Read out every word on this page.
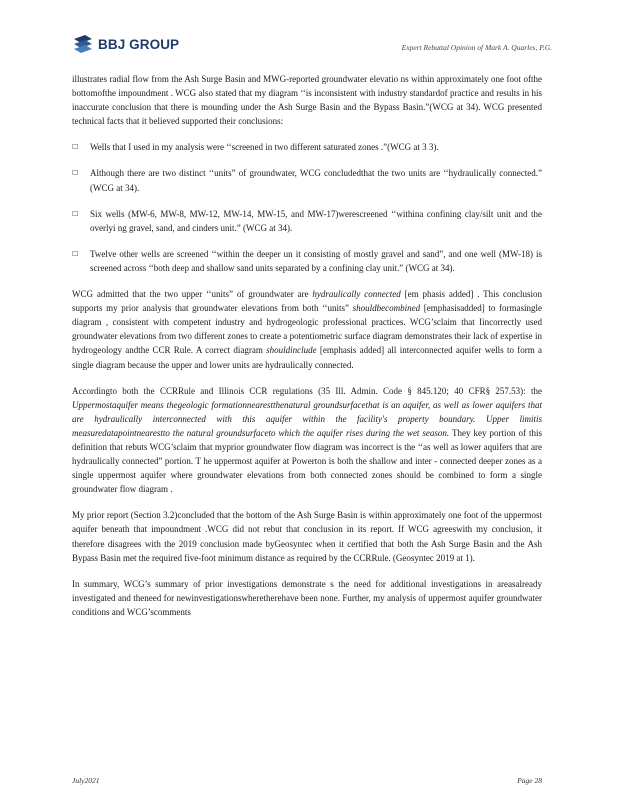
BBJ GROUP	Expert Rebuttal Opinion of Mark A. Quarles, P.G.

illustrates radial flow from the Ash Surge Basin and MWG-reported groundwater elevatio ns within approximately one foot ofthe bottomofthe impoundment . WCG also stated that my diagram ‘‘is inconsistent with industry standardof practice and results in his inaccurate conclusion that there is mounding under the Ash Surge Basin and the Bypass Basin.”(WCG at 34). WCG presented technical facts that it believed supported their conclusions:

☐ Wells that I used in my analysis were ‘‘screened in two different saturated zones .”(WCG at 3 3).
☐ Although there are two distinct ‘‘units” of groundwater, WCG concludedthat the two units are ‘‘hydraulically connected.” (WCG at 34).
☐ Six wells (MW-6, MW-8, MW-12, MW-14, MW-15, and MW-17)werescreened ‘‘withina confining clay/silt unit and the overlyi ng gravel, sand, and cinders unit.” (WCG at 34).
☐ Twelve other wells are screened ‘‘within the deeper un it consisting of mostly gravel and sand”, and one well (MW-18) is screened across ‘‘both deep and shallow sand units separated by a confining clay unit.” (WCG at 34).

WCG admitted that the two upper ‘‘units” of groundwater are hydraulically connected [em phasis added] . This conclusion supports my prior analysis that groundwater elevations from both ‘‘units” shouldbecombined [emphasisadded] to formasingle diagram , consistent with competent industry and hydrogeologic professional practices. WCG’sclaim that Iincorrectly used groundwater elevations from two different zones to create a potentiometric surface diagram demonstrates their lack of expertise in hydrogeology andthe CCR Rule. A correct diagram shouldinclude [emphasis added] all interconnected aquifer wells to form a single diagram because the upper and lower units are hydraulically connected.

Accordingto both the CCRRule and Illinois CCR regulations (35 Ill. Admin. Code § 845.120; 40 CFR§ 257.53): the Uppermostaquifer means thegeologic formationnearestthenatural groundsurfacethat is an aquifer, as well as lower aquifers that are hydraulically interconnected with this aquifer within the facility's property boundary. Upper limitis measuredatapointnearestto the natural groundsurfaceto which the aquifer rises during the wet season. They key portion of this definition that rebuts WCG’sclaim that myprior groundwater flow diagram was incorrect is the ‘‘as well as lower aquifers that are hydraulically connected” portion. T he uppermost aquifer at Powerton is both the shallow and inter - connected deeper zones as a single uppermost aquifer where groundwater elevations from both connected zones should be combined to form a single groundwater flow diagram .

My prior report (Section 3.2)concluded that the bottom of the Ash Surge Basin is within approximately one foot of the uppermost aquifer beneath that impoundment .WCG did not rebut that conclusion in its report. If WCG agreeswith my conclusion, it therefore disagrees with the 2019 conclusion made byGeosyntec when it certified that both the Ash Surge Basin and the Ash Bypass Basin met the required five-foot minimum distance as required by the CCRRule. (Geosyntec 2019 at 1).

In summary, WCG’s summary of prior investigations demonstrate s the need for additional investigations in areasalready investigated and theneed for newinvestigationswheretherehave been none. Further, my analysis of uppermost aquifer groundwater conditions and WCG’scomments

July2021	Page 28
